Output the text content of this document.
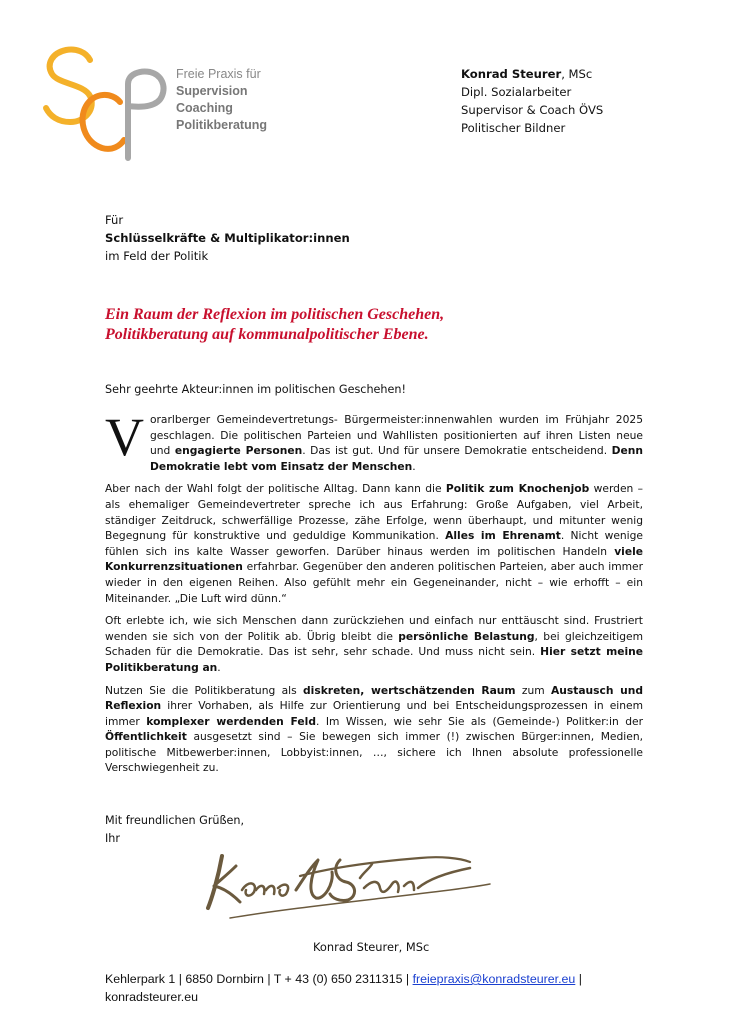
Freie Praxis für
Supervision
Coaching
Politikberatung
Konrad Steurer, MSc
Dipl. Sozialarbeiter
Supervisor & Coach ÖVS
Politischer Bildner
Für
Schlüsselkräfte & Multiplikator:innen
im Feld der Politik
Ein Raum der Reflexion im politischen Geschehen,
Politikberatung auf kommunalpolitischer Ebene.
Sehr geehrte Akteur:innen im politischen Geschehen!

Vorarlberger Gemeindevertretungs- Bürgermeister:innenwahlen wurden im Frühjahr 2025 geschlagen. Die politischen Parteien und Wahllisten positionierten auf ihren Listen neue und engagierte Personen. Das ist gut. Und für unsere Demokratie entscheidend. Denn Demokratie lebt vom Einsatz der Menschen.

Aber nach der Wahl folgt der politische Alltag. Dann kann die Politik zum Knochenjob werden – als ehemaliger Gemeindevertreter spreche ich aus Erfahrung: Große Aufgaben, viel Arbeit, ständiger Zeitdruck, schwerfällige Prozesse, zähe Erfolge, wenn überhaupt, und mitunter wenig Begegnung für konstruktive und geduldige Kommunikation. Alles im Ehrenamt. Nicht wenige fühlen sich ins kalte Wasser geworfen. Darüber hinaus werden im politischen Handeln viele Konkurrenzsituationen erfahrbar. Gegenüber den anderen politischen Parteien, aber auch immer wieder in den eigenen Reihen. Also gefühlt mehr ein Gegeneinander, nicht – wie erhofft – ein Miteinander. „Die Luft wird dünn.“

Oft erlebte ich, wie sich Menschen dann zurückziehen und einfach nur enttäuscht sind. Frustriert wenden sie sich von der Politik ab. Übrig bleibt die persönliche Belastung, bei gleichzeitigem Schaden für die Demokratie. Das ist sehr, sehr schade. Und muss nicht sein. Hier setzt meine Politikberatung an.

Nutzen Sie die Politikberatung als diskreten, wertschätzenden Raum zum Austausch und Reflexion ihrer Vorhaben, als Hilfe zur Orientierung und bei Entscheidungsprozessen in einem immer komplexer werdenden Feld. Im Wissen, wie sehr Sie als (Gemeinde-) Politker:in der Öffentlichkeit ausgesetzt sind – Sie bewegen sich immer (!) zwischen Bürger:innen, Medien, politische Mitbewerber:innen, Lobbyist:innen, …, sichere ich Ihnen absolute professionelle Verschwiegenheit zu.

Mit freundlichen Grüßen,
Ihr
Konrad Steurer, MSc
Kehlerpark 1 | 6850 Dornbirn | T + 43 (0) 650 2311315 | freiepraxis@konradsteurer.eu |
konradsteurer.eu
